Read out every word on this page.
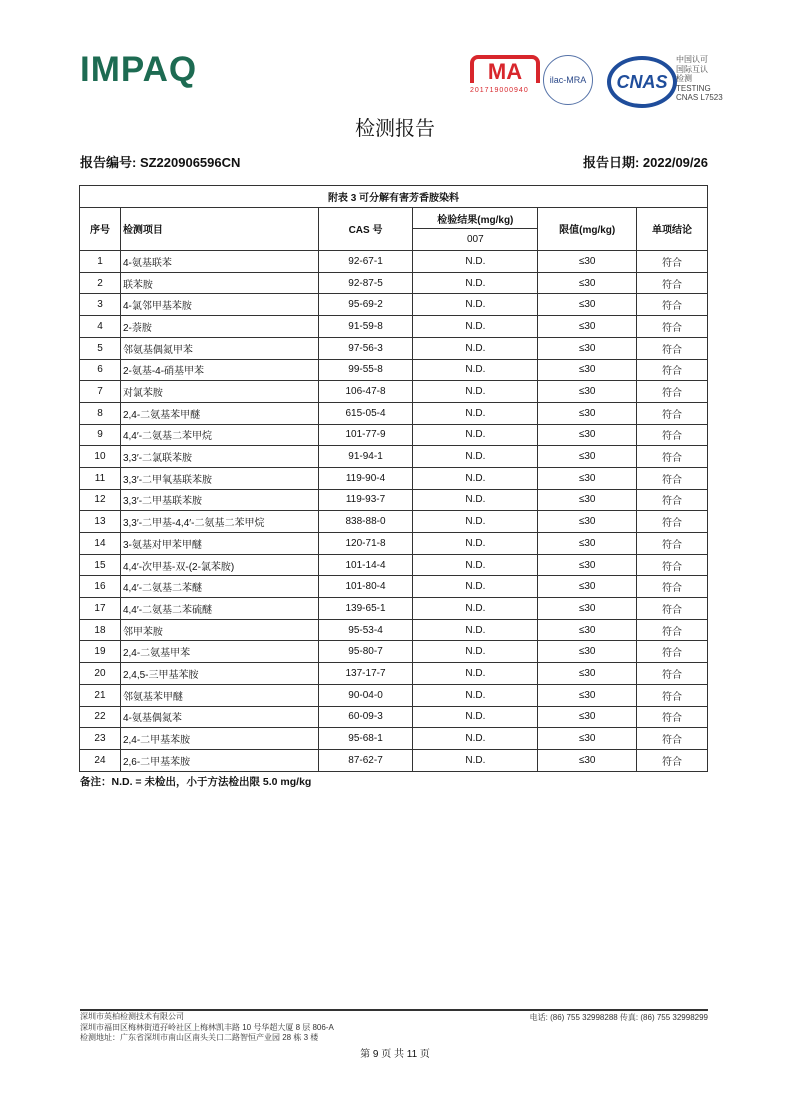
IMPAQ	MA
201719000940
ilac-MRA	CNAS
中国认可
国际互认
检测
TESTING
CNAS L7523
检测报告
报告编号: SZ220906596CN	报告日期: 2022/09/26
附表 3 可分解有害芳香胺染料					
序号	检测项目	CAS 号	检验结果(mg/kg)	限值(mg/kg)	单项结论
			007		
1	4-氨基联苯	92-67-1	N.D.	≤30	符合
2	联苯胺	92-87-5	N.D.	≤30	符合
3	4-氯邻甲基苯胺	95-69-2	N.D.	≤30	符合
4	2-萘胺	91-59-8	N.D.	≤30	符合
5	邻氨基偶氮甲苯	97-56-3	N.D.	≤30	符合
6	2-氨基-4-硝基甲苯	99-55-8	N.D.	≤30	符合
7	对氯苯胺	106-47-8	N.D.	≤30	符合
8	2,4-二氨基苯甲醚	615-05-4	N.D.	≤30	符合
9	4,4′-二氨基二苯甲烷	101-77-9	N.D.	≤30	符合
10	3,3′-二氯联苯胺	91-94-1	N.D.	≤30	符合
11	3,3′-二甲氧基联苯胺	119-90-4	N.D.	≤30	符合
12	3,3′-二甲基联苯胺	119-93-7	N.D.	≤30	符合
13	3,3′-二甲基-4,4′-二氨基二苯甲烷	838-88-0	N.D.	≤30	符合
14	3-氨基对甲苯甲醚	120-71-8	N.D.	≤30	符合
15	4,4′-次甲基-双-(2-氯苯胺)	101-14-4	N.D.	≤30	符合
16	4,4′-二氨基二苯醚	101-80-4	N.D.	≤30	符合
17	4,4′-二氨基二苯硫醚	139-65-1	N.D.	≤30	符合
18	邻甲苯胺	95-53-4	N.D.	≤30	符合
19	2,4-二氨基甲苯	95-80-7	N.D.	≤30	符合
20	2,4,5-三甲基苯胺	137-17-7	N.D.	≤30	符合
21	邻氨基苯甲醚	90-04-0	N.D.	≤30	符合
22	4-氨基偶氮苯	60-09-3	N.D.	≤30	符合
23	2,4-二甲基苯胺	95-68-1	N.D.	≤30	符合
24	2,6-二甲基苯胺	87-62-7	N.D.	≤30	符合
备注：N.D. = 未检出，小于方法检出限 5.0 mg/kg
深圳市英柏检测技术有限公司
深圳市福田区梅林街道孖岭社区上梅林凯丰路 10 号华超大厦 8 层 806-A
检测地址：广东省深圳市南山区南头关口二路智恒产业园 28 栋 3 楼
电话: (86) 755 32998288 传真: (86) 755 32998299
第 9 页 共 11 页
